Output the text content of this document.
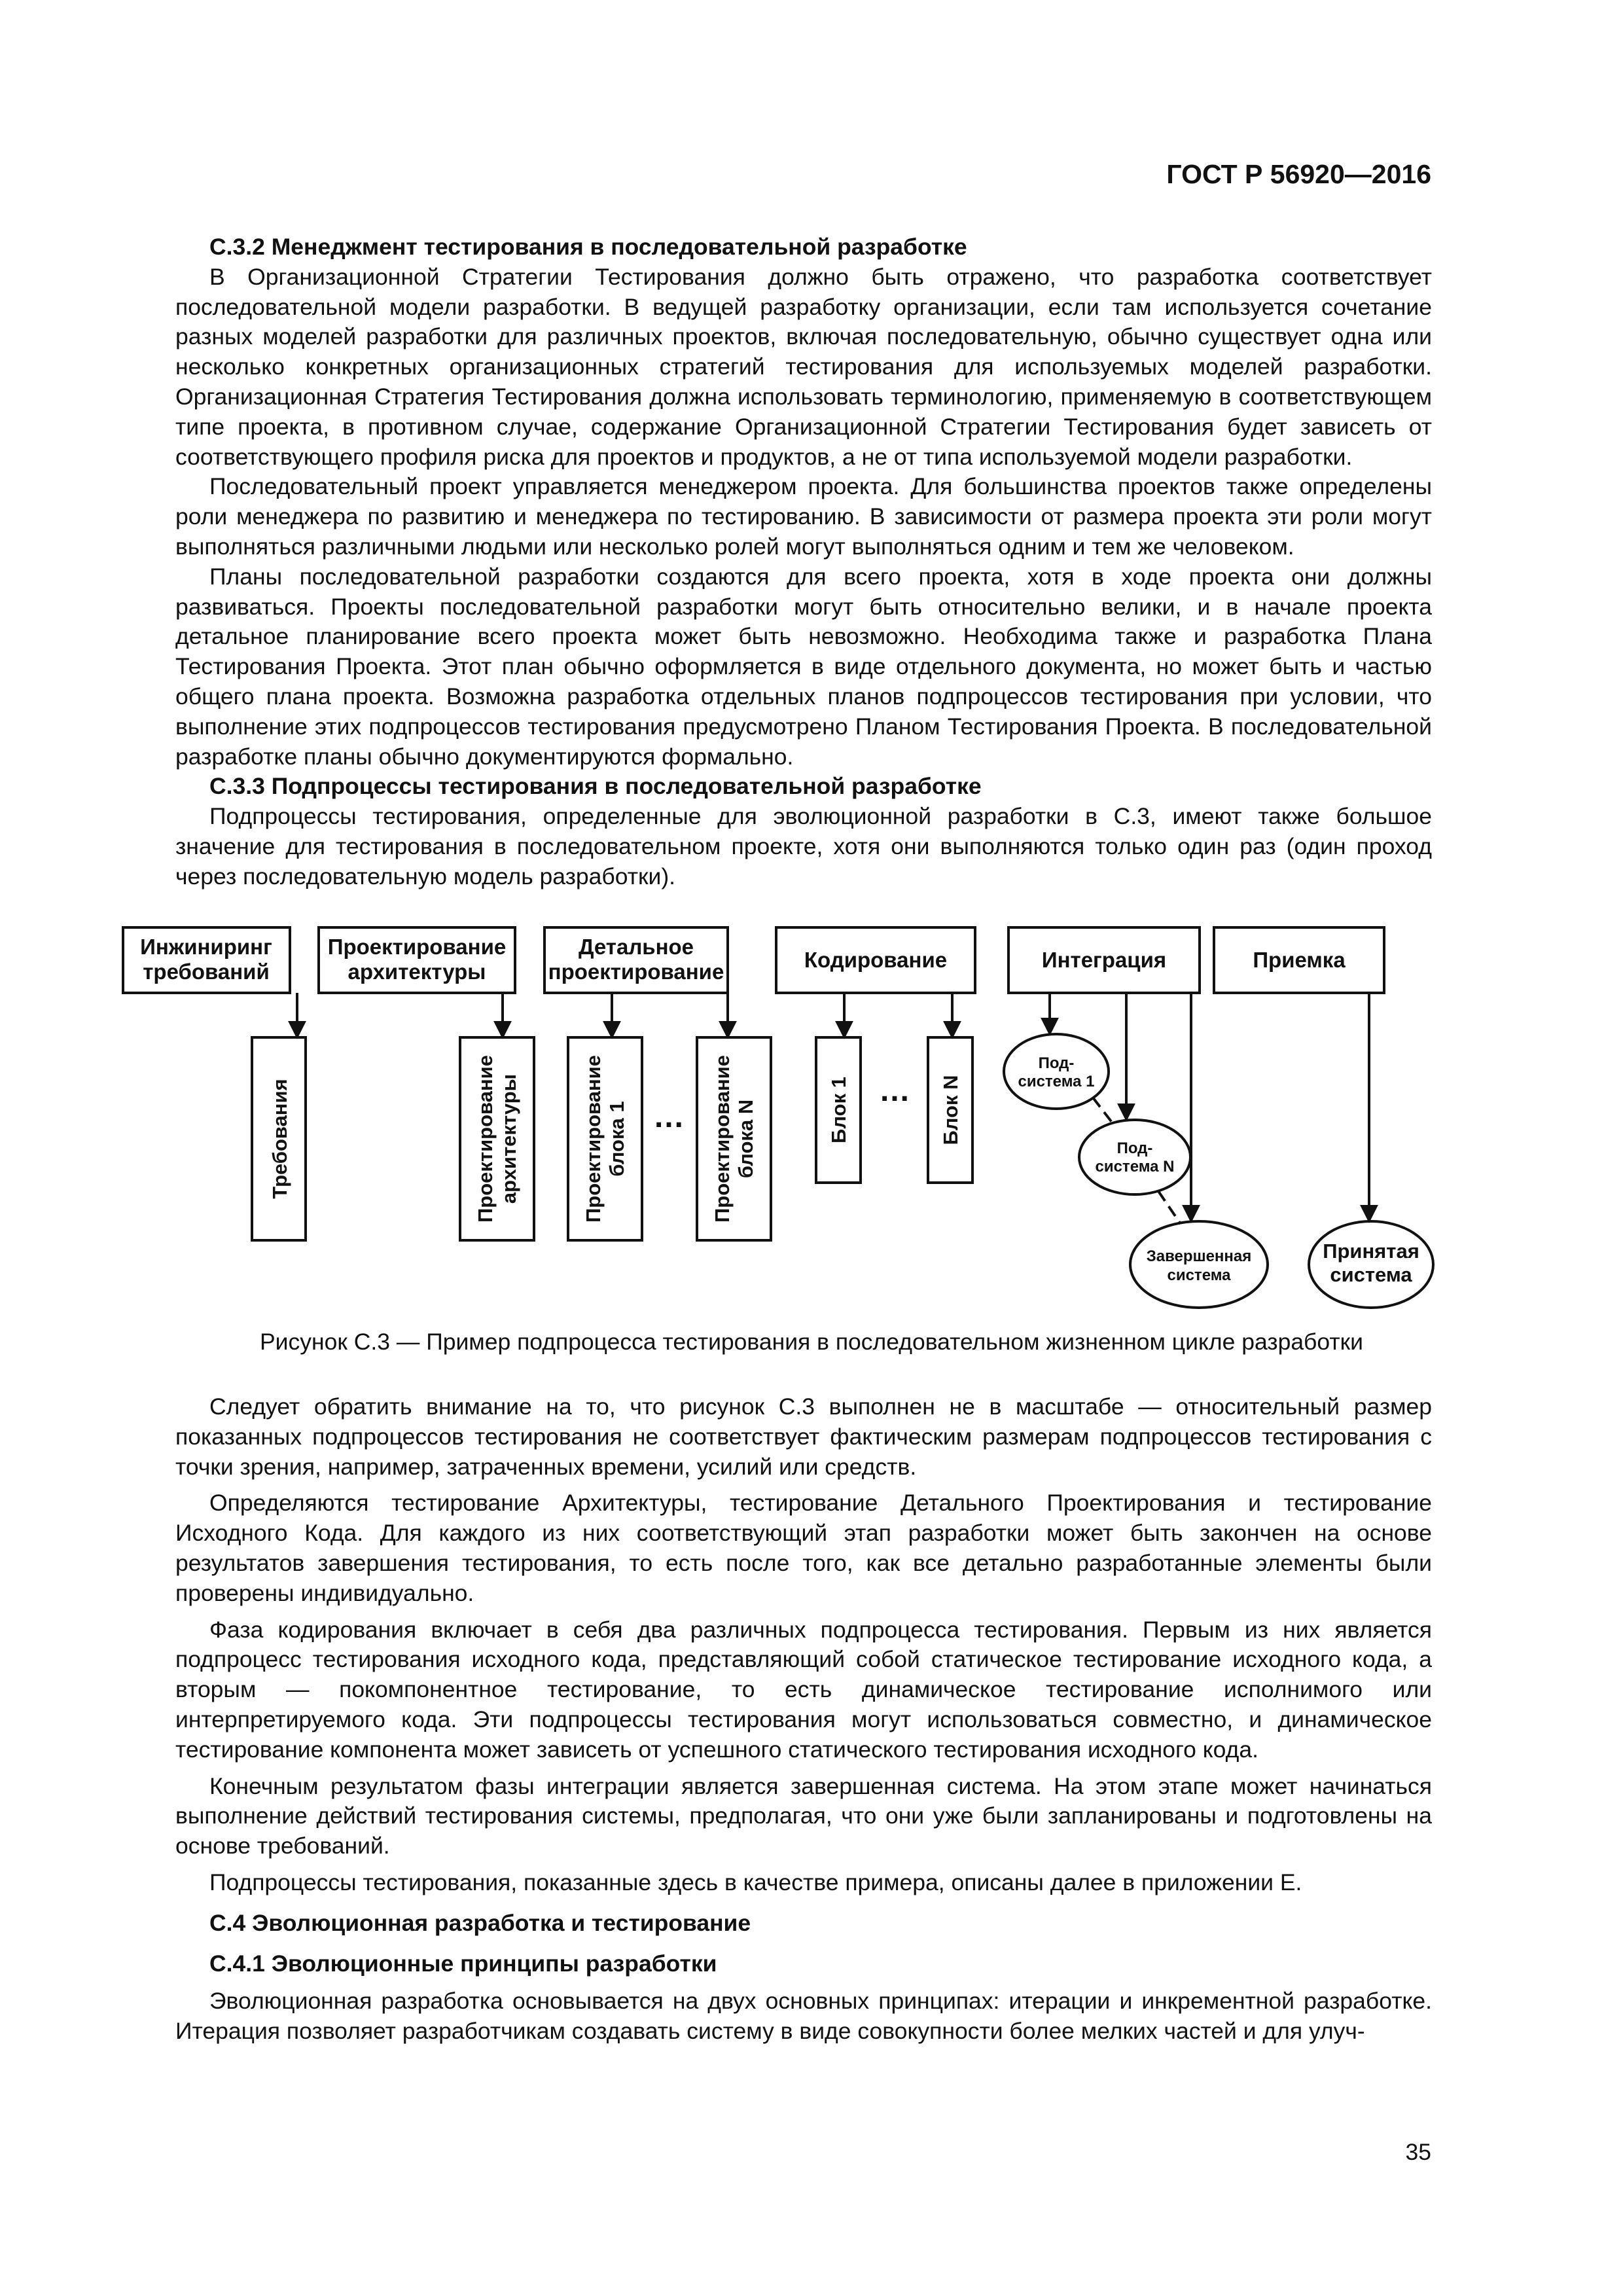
ГОСТ Р 56920—2016
С.3.2 Менеджмент тестирования в последовательной разработке

В Организационной Стратегии Тестирования должно быть отражено, что разработка соответствует последовательной модели разработки. В ведущей разработку организации, если там используется сочетание разных моделей разработки для различных проектов, включая последовательную, обычно существует одна или несколько конкретных организационных стратегий тестирования для используемых моделей разработки. Организационная Стратегия Тестирования должна использовать терминологию, применяемую в соответствующем типе проекта, в противном случае, содержание Организационной Стратегии Тестирования будет зависеть от соответствующего профиля риска для проектов и продуктов, а не от типа используемой модели разработки.

Последовательный проект управляется менеджером проекта. Для большинства проектов также определены роли менеджера по развитию и менеджера по тестированию. В зависимости от размера проекта эти роли могут выполняться различными людьми или несколько ролей могут выполняться одним и тем же человеком.

Планы последовательной разработки создаются для всего проекта, хотя в ходе проекта они должны развиваться. Проекты последовательной разработки могут быть относительно велики, и в начале проекта детальное планирование всего проекта может быть невозможно. Необходима также и разработка Плана Тестирования Проекта. Этот план обычно оформляется в виде отдельного документа, но может быть и частью общего плана проекта. Возможна разработка отдельных планов подпроцессов тестирования при условии, что выполнение этих подпроцессов тестирования предусмотрено Планом Тестирования Проекта. В последовательной разработке планы обычно документируются формально.

С.3.3 Подпроцессы тестирования в последовательной разработке

Подпроцессы тестирования, определенные для эволюционной разработки в С.3, имеют также большое значение для тестирования в последовательном проекте, хотя они выполняются только один раз (один проход через последовательную модель разработки).

Инжиниринг
требований
Проектирование
архитектуры
Детальное
проектирование	Кодирование	Интеграция	Приемка
Требования	Проектирование архитектуры	Проектирование блока 1	Проектирование блока N	Блок 1	Блок N
…
…
Под-
система 1
Под-
система N
Завершенная
система
Принятая
система
Рисунок С.3 — Пример подпроцесса тестирования в последовательном жизненном цикле разработки

Следует обратить внимание на то, что рисунок С.3 выполнен не в масштабе — относительный размер показанных подпроцессов тестирования не соответствует фактическим размерам подпроцессов тестирования с точки зрения, например, затраченных времени, усилий или средств.

Определяются тестирование Архитектуры, тестирование Детального Проектирования и тестирование Исходного Кода. Для каждого из них соответствующий этап разработки может быть закончен на основе результатов завершения тестирования, то есть после того, как все детально разработанные элементы были проверены индивидуально.

Фаза кодирования включает в себя два различных подпроцесса тестирования. Первым из них является подпроцесс тестирования исходного кода, представляющий собой статическое тестирование исходного кода, а вторым — покомпонентное тестирование, то есть динамическое тестирование исполнимого или интерпретируемого кода. Эти подпроцессы тестирования могут использоваться совместно, и динамическое тестирование компонента может зависеть от успешного статического тестирования исходного кода.

Конечным результатом фазы интеграции является завершенная система. На этом этапе может начинаться выполнение действий тестирования системы, предполагая, что они уже были запланированы и подготовлены на основе требований.

Подпроцессы тестирования, показанные здесь в качестве примера, описаны далее в приложении Е.

С.4 Эволюционная разработка и тестирование
С.4.1 Эволюционные принципы разработки

Эволюционная разработка основывается на двух основных принципах: итерации и инкрементной разработке. Итерация позволяет разработчикам создавать систему в виде совокупности более мелких частей и для улуч-

35
